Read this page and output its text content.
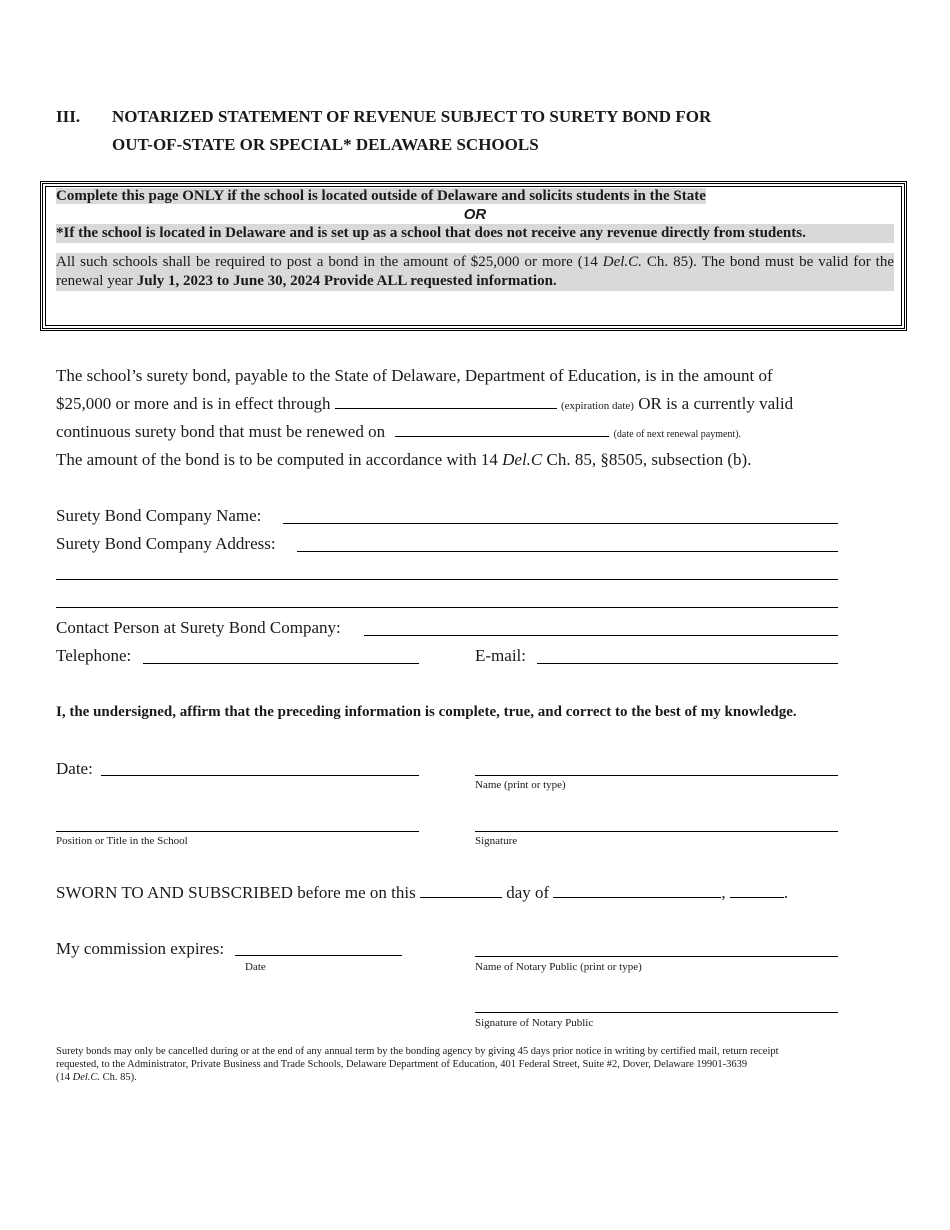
III. NOTARIZED STATEMENT OF REVENUE SUBJECT TO SURETY BOND FOR
OUT-OF-STATE OR SPECIAL* DELAWARE SCHOOLS
Complete this page ONLY if the school is located outside of Delaware and solicits students in the State
OR
*If the school is located in Delaware and is set up as a school that does not receive any revenue directly from students.
All such schools shall be required to post a bond in the amount of $25,000 or more (14 Del.C. Ch. 85). The bond must be valid for the renewal year July 1, 2023 to June 30, 2024 Provide ALL requested information.
The school’s surety bond, payable to the State of Delaware, Department of Education, is in the amount of
$25,000 or more and is in effect through	(expiration date) OR is a currently valid
continuous surety bond that must be renewed on	(date of next renewal payment).
The amount of the bond is to be computed in accordance with 14 Del.C Ch. 85, §8505, subsection (b).
Surety Bond Company Name:
Surety Bond Company Address:
Contact Person at Surety Bond Company:
Telephone:	E-mail:
I, the undersigned, affirm that the preceding information is complete, true, and correct to the best of my knowledge.
Date:
Name (print or type)
Position or Title in the School	Signature
SWORN TO AND SUBSCRIBED before me on this	day of	,	.
My commission expires:
Date	Name of Notary Public (print or type)
Signature of Notary Public
Surety bonds may only be cancelled during or at the end of any annual term by the bonding agency by giving 45 days prior notice in writing by certified mail, return receipt
requested, to the Administrator, Private Business and Trade Schools, Delaware Department of Education, 401 Federal Street, Suite #2, Dover, Delaware 19901-3639
(14 Del.C. Ch. 85).
